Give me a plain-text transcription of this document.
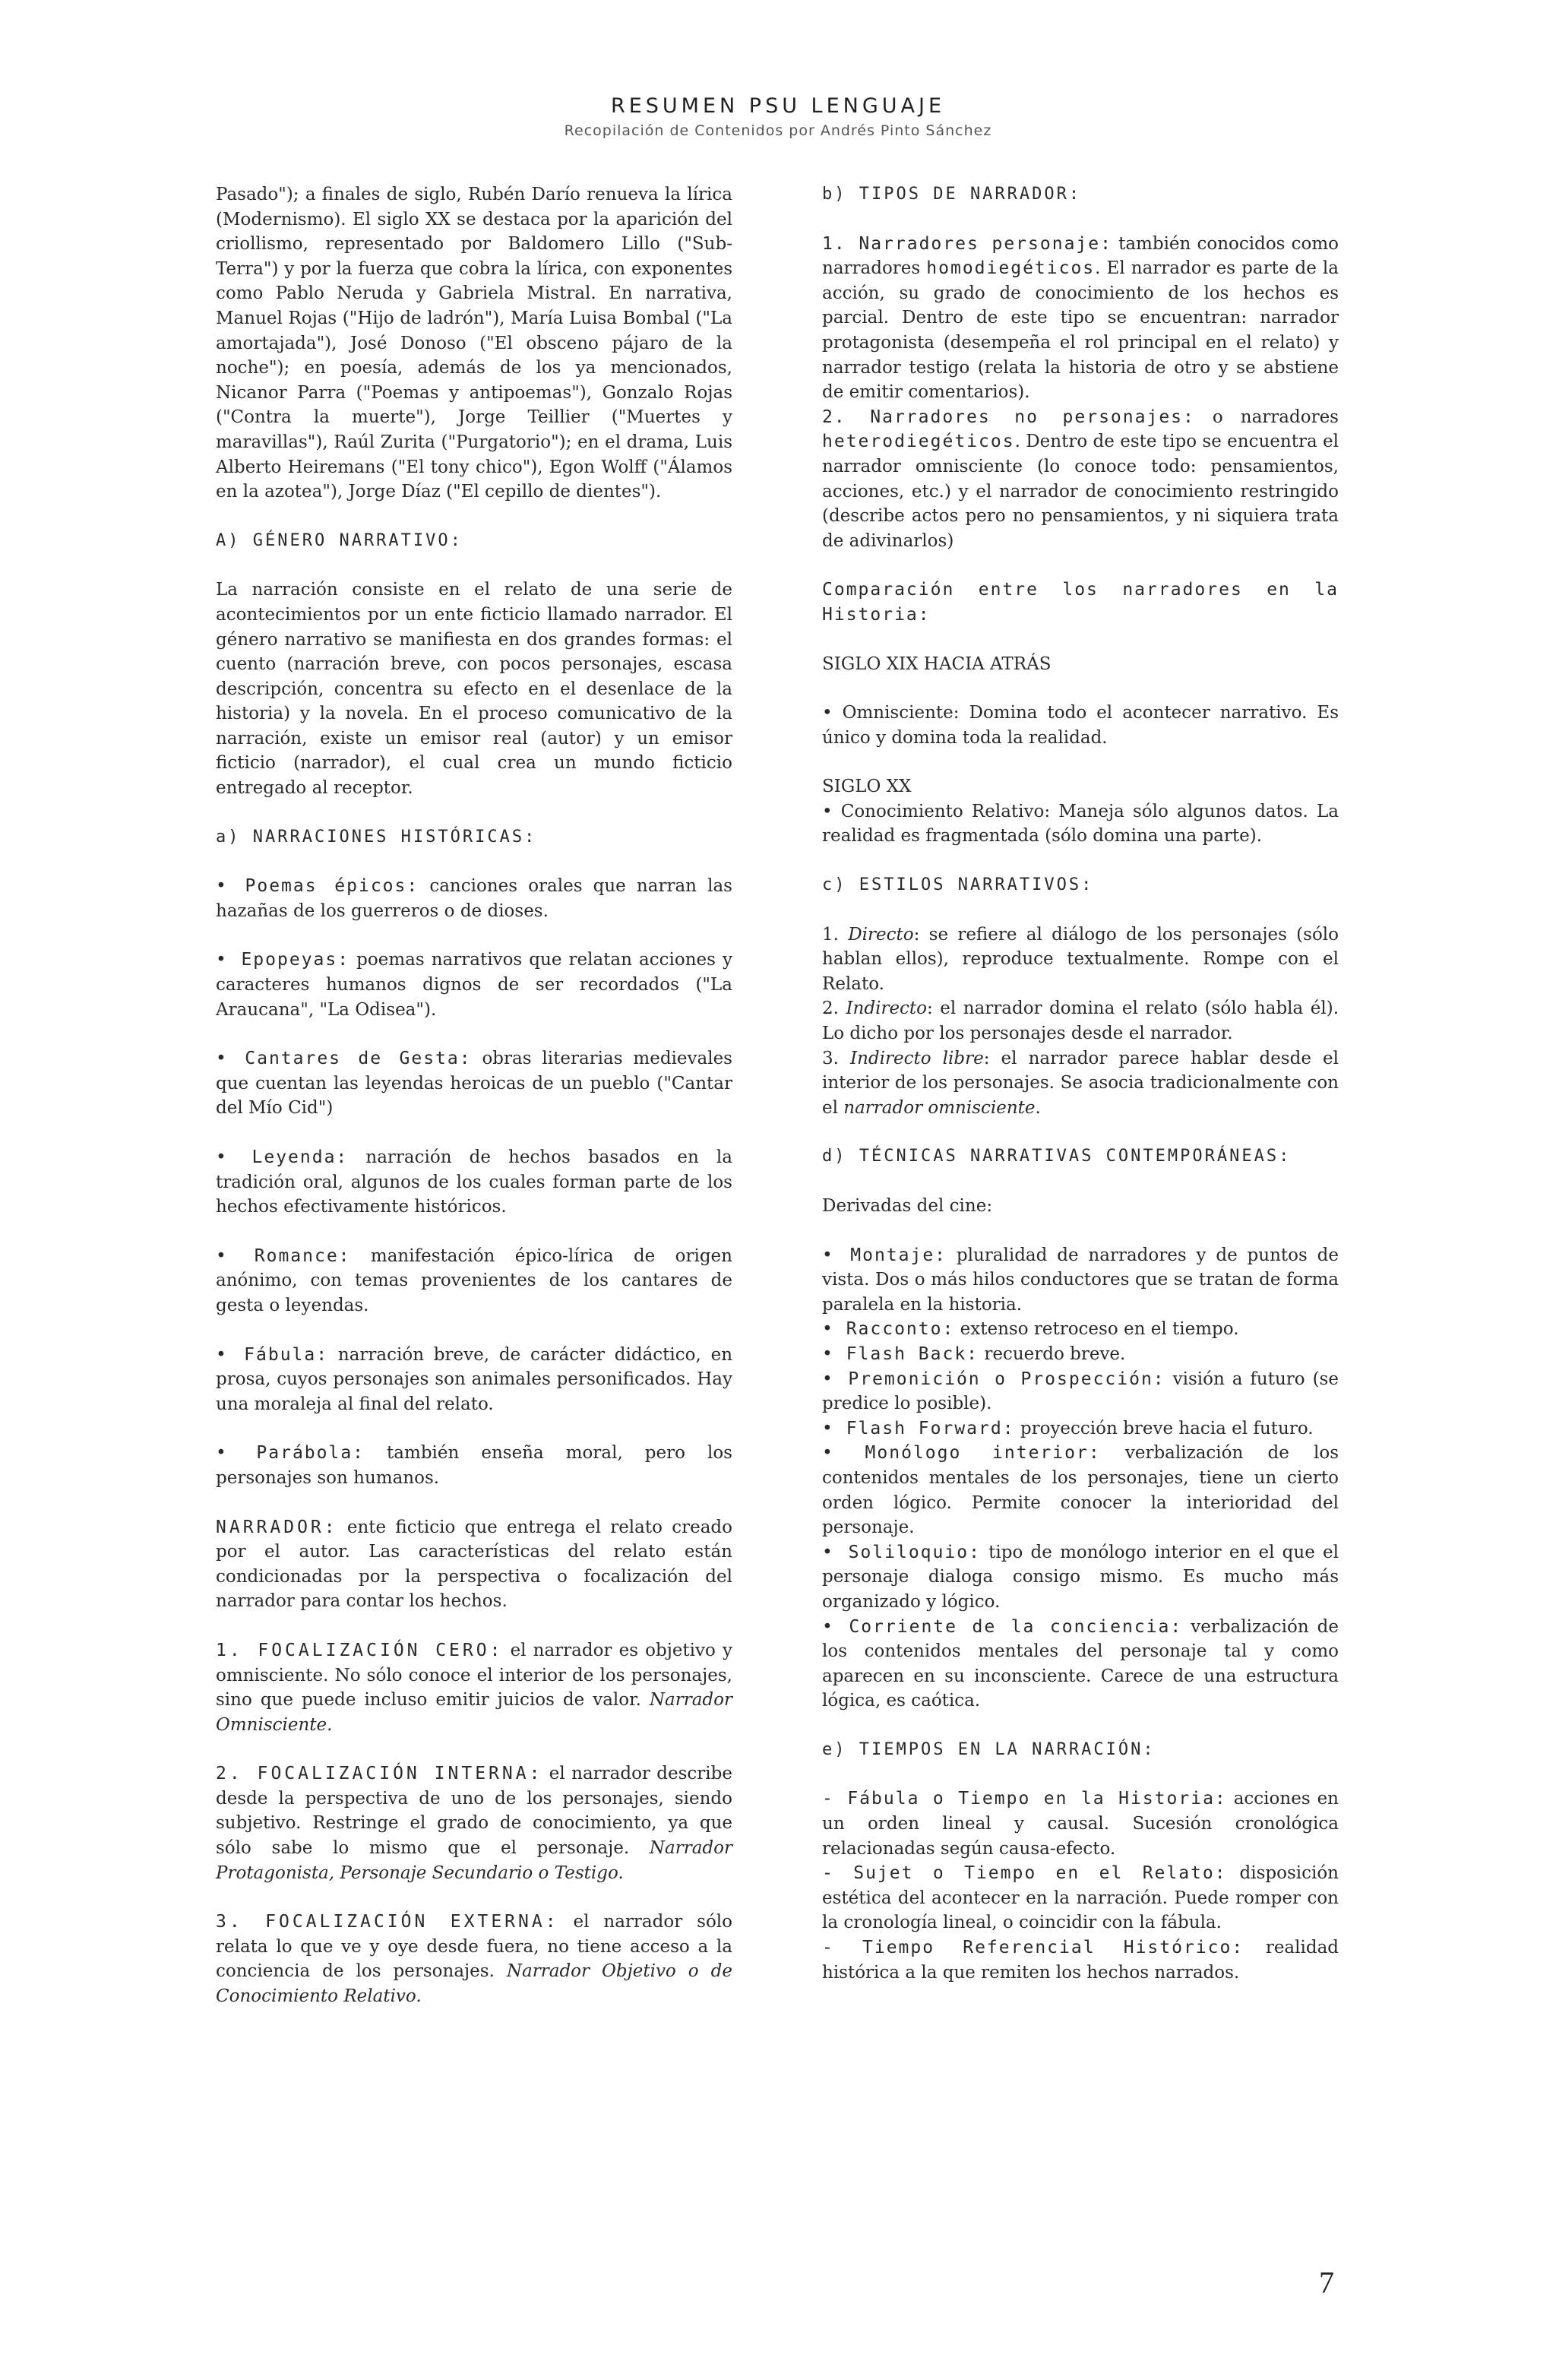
RESUMEN PSU LENGUAJE
Recopilación de Contenidos por Andrés Pinto Sánchez

Pasado"); a finales de siglo, Rubén Darío renueva la lírica (Modernismo). El siglo XX se destaca por la aparición del criollismo, representado por Baldomero Lillo ("Sub-Terra") y por la fuerza que cobra la lírica, con exponentes como Pablo Neruda y Gabriela Mistral. En narrativa, Manuel Rojas ("Hijo de ladrón"), María Luisa Bombal ("La amortajada"), José Donoso ("El obsceno pájaro de la noche"); en poesía, además de los ya mencionados, Nicanor Parra ("Poemas y antipoemas"), Gonzalo Rojas ("Contra la muerte"), Jorge Teillier ("Muertes y maravillas"), Raúl Zurita ("Purgatorio"); en el drama, Luis Alberto Heiremans ("El tony chico"), Egon Wolff ("Álamos en la azotea"), Jorge Díaz ("El cepillo de dientes").

A) GÉNERO NARRATIVO:

La narración consiste en el relato de una serie de acontecimientos por un ente ficticio llamado narrador. El género narrativo se manifiesta en dos grandes formas: el cuento (narración breve, con pocos personajes, escasa descripción, concentra su efecto en el desenlace de la historia) y la novela. En el proceso comunicativo de la narración, existe un emisor real (autor) y un emisor ficticio (narrador), el cual crea un mundo ficticio entregado al receptor.

a) NARRACIONES HISTÓRICAS:

• Poemas épicos: canciones orales que narran las hazañas de los guerreros o de dioses.

• Epopeyas: poemas narrativos que relatan acciones y caracteres humanos dignos de ser recordados ("La Araucana", "La Odisea").

• Cantares de Gesta: obras literarias medievales que cuentan las leyendas heroicas de un pueblo ("Cantar del Mío Cid")

• Leyenda: narración de hechos basados en la tradición oral, algunos de los cuales forman parte de los hechos efectivamente históricos.

• Romance: manifestación épico-lírica de origen anónimo, con temas provenientes de los cantares de gesta o leyendas.

• Fábula: narración breve, de carácter didáctico, en prosa, cuyos personajes son animales personificados. Hay una moraleja al final del relato.

• Parábola: también enseña moral, pero los personajes son humanos.

NARRADOR: ente ficticio que entrega el relato creado por el autor. Las características del relato están condicionadas por la perspectiva o focalización del narrador para contar los hechos.

1. FOCALIZACIÓN CERO: el narrador es objetivo y omnisciente. No sólo conoce el interior de los personajes, sino que puede incluso emitir juicios de valor. Narrador Omnisciente.

2. FOCALIZACIÓN INTERNA: el narrador describe desde la perspectiva de uno de los personajes, siendo subjetivo. Restringe el grado de conocimiento, ya que sólo sabe lo mismo que el personaje. Narrador Protagonista, Personaje Secundario o Testigo.

3. FOCALIZACIÓN EXTERNA: el narrador sólo relata lo que ve y oye desde fuera, no tiene acceso a la conciencia de los personajes. Narrador Objetivo o de Conocimiento Relativo.

b) TIPOS DE NARRADOR:

1. Narradores personaje: también conocidos como narradores homodiegéticos. El narrador es parte de la acción, su grado de conocimiento de los hechos es parcial. Dentro de este tipo se encuentran: narrador protagonista (desempeña el rol principal en el relato) y narrador testigo (relata la historia de otro y se abstiene de emitir comentarios).

2. Narradores no personajes: o narradores heterodiegéticos. Dentro de este tipo se encuentra el narrador omnisciente (lo conoce todo: pensamientos, acciones, etc.) y el narrador de conocimiento restringido (describe actos pero no pensamientos, y ni siquiera trata de adivinarlos)

Comparación entre los narradores en la Historia:

SIGLO XIX HACIA ATRÁS

• Omnisciente: Domina todo el acontecer narrativo. Es único y domina toda la realidad.

SIGLO XX

• Conocimiento Relativo: Maneja sólo algunos datos. La realidad es fragmentada (sólo domina una parte).

c) ESTILOS NARRATIVOS:

1. Directo: se refiere al diálogo de los personajes (sólo hablan ellos), reproduce textualmente. Rompe con el Relato.

2. Indirecto: el narrador domina el relato (sólo habla él). Lo dicho por los personajes desde el narrador.

3. Indirecto libre: el narrador parece hablar desde el interior de los personajes. Se asocia tradicionalmente con el narrador omnisciente.

d) TÉCNICAS NARRATIVAS CONTEMPORÁNEAS:

Derivadas del cine:

• Montaje: pluralidad de narradores y de puntos de vista. Dos o más hilos conductores que se tratan de forma paralela en la historia.

• Racconto: extenso retroceso en el tiempo.

• Flash Back: recuerdo breve.

• Premonición o Prospección: visión a futuro (se predice lo posible).

• Flash Forward: proyección breve hacia el futuro.

• Monólogo interior: verbalización de los contenidos mentales de los personajes, tiene un cierto orden lógico. Permite conocer la interioridad del personaje.

• Soliloquio: tipo de monólogo interior en el que el personaje dialoga consigo mismo. Es mucho más organizado y lógico.

• Corriente de la conciencia: verbalización de los contenidos mentales del personaje tal y como aparecen en su inconsciente. Carece de una estructura lógica, es caótica.

e) TIEMPOS EN LA NARRACIÓN:

- Fábula o Tiempo en la Historia: acciones en un orden lineal y causal. Sucesión cronológica relacionadas según causa-efecto.

- Sujet o Tiempo en el Relato: disposición estética del acontecer en la narración. Puede romper con la cronología lineal, o coincidir con la fábula.

- Tiempo Referencial Histórico: realidad histórica a la que remiten los hechos narrados.

7
